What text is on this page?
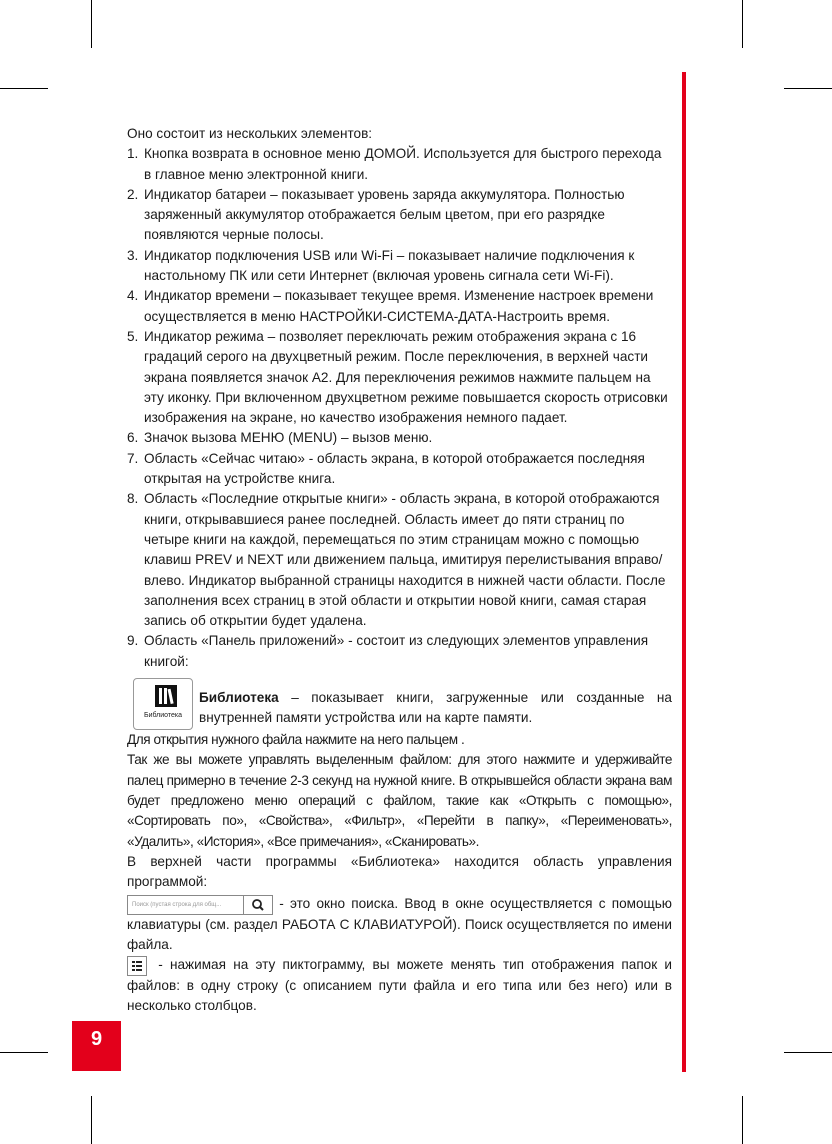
9

Оно состоит из нескольких элементов:

1. Кнопка возврата в основное меню ДОМОЙ. Используется для быстрого перехода в главное меню электронной книги.
2. Индикатор батареи – показывает уровень заряда аккумулятора. Полностью заряженный аккумулятор отображается белым цветом, при его разрядке появляются черные полосы.
3. Индикатор подключения USB или Wi-Fi – показывает наличие подключения к настольному ПК или сети Интернет (включая уровень сигнала сети Wi-Fi).
4. Индикатор времени – показывает текущее время. Изменение настроек времени осуществляется в меню НАСТРОЙКИ-СИСТЕМА-ДАТА-Настроить время.
5. Индикатор режима – позволяет переключать режим отображения экрана с 16 градаций серого на двухцветный режим. После переключения, в верхней части экрана появляется значок A2. Для переключения режимов нажмите пальцем на эту иконку. При включенном двухцветном режиме повышается скорость отрисовки изображения на экране, но качество изображения немного падает.
6. Значок вызова МЕНЮ (MENU) – вызов меню.
7. Область «Сейчас читаю» - область экрана, в которой отображается последняя открытая на устройстве книга.
8. Область «Последние открытые книги» - область экрана, в которой отображаются книги, открывавшиеся ранее последней. Область имеет до пяти страниц по четыре книги на каждой, перемещаться по этим страницам можно с помощью клавиш PREV и NEXT или движением пальца, имитируя перелистывания вправо/влево. Индикатор выбранной страницы находится в нижней части области. После заполнения всех страниц в этой области и открытии новой книги, самая старая запись об открытии будет удалена.
9. Область «Панель приложений» - состоит из следующих элементов управления книгой:
Библиотека
Библиотека – показывает книги, загруженные или созданные на внутренней памяти устройства или на карте памяти.

Для открытия нужного файла нажмите на него пальцем .

Так же вы можете управлять выделенным файлом: для этого нажмите и удерживайте палец примерно в течение 2-3 секунд на нужной книге. В открывшейся области экрана вам будет предложено меню операций с файлом, такие как «Открыть с помощью», «Сортировать по», «Свойства», «Фильтр», «Перейти в папку», «Переименовать», «Удалить», «История», «Все примечания», «Сканировать».

В верхней части программы «Библиотека» находится область управления программой:

Поиск (пустая строка для общ...	- это окно поиска. Ввод в окне осуществляется с помощью клавиатуры (см. раздел РАБОТА С КЛАВИАТУРОЙ). Поиск осуществляется по имени файла.
- нажимая на эту пиктограмму, вы можете менять тип отображения папок и файлов: в одну строку (с описанием пути файла и его типа или без него) или в несколько столбцов.
